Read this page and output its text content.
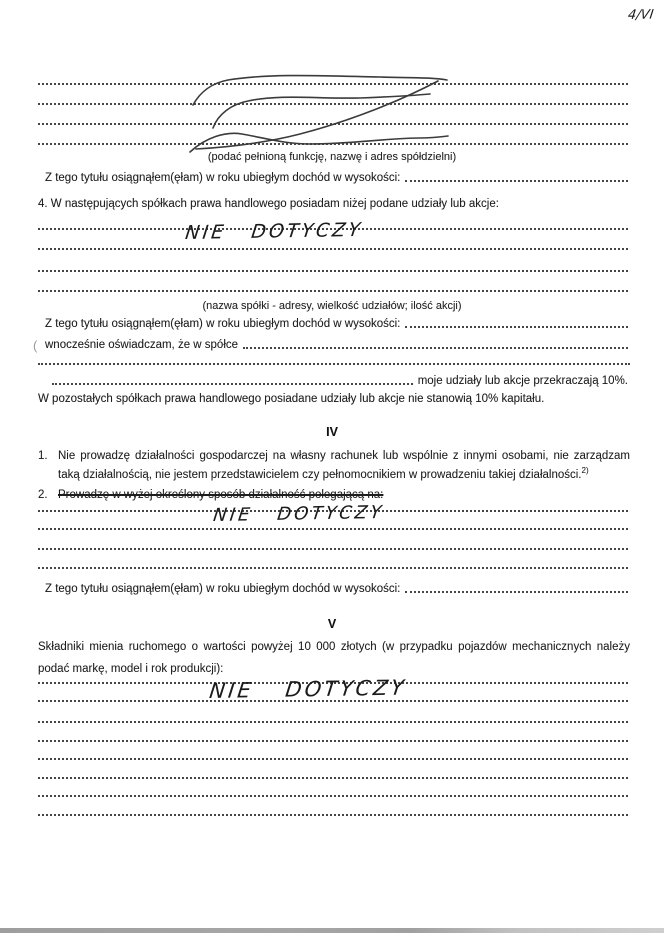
4/VI
(podać pełnioną funkcję, nazwę i adres spółdzielni)
Z tego tytułu osiągnąłem(ęłam) w roku ubiegłym dochód w wysokości:
4. W następujących spółkach prawa handlowego posiadam niżej podane udziały lub akcje:
NIE DOTYCZY
(nazwa spółki - adresy, wielkość udziałów; ilość akcji)
Z tego tytułu osiągnąłem(ęłam) w roku ubiegłym dochód w wysokości:
( wnocześnie oświadczam, że w spółce
moje udziały lub akcje przekraczają 10%.
W pozostałych spółkach prawa handlowego posiadane udziały lub akcje nie stanowią 10% kapitału.
IV
1. Nie prowadzę działalności gospodarczej na własny rachunek lub wspólnie z innymi osobami, nie zarządzam taką działalnością, nie jestem przedstawicielem czy pełnomocnikiem w prowadzeniu takiej działalności.$^{2)}$
2. Prowadzę w wyżej określony sposób działalność polegającą na:
NIE DOTYCZY
Z tego tytułu osiągnąłem(ęłam) w roku ubiegłym dochód w wysokości:
V
Składniki mienia ruchomego o wartości powyżej 10 000 złotych (w przypadku pojazdów mechanicznych należy podać markę, model i rok produkcji):
NIE DOTYCZY
